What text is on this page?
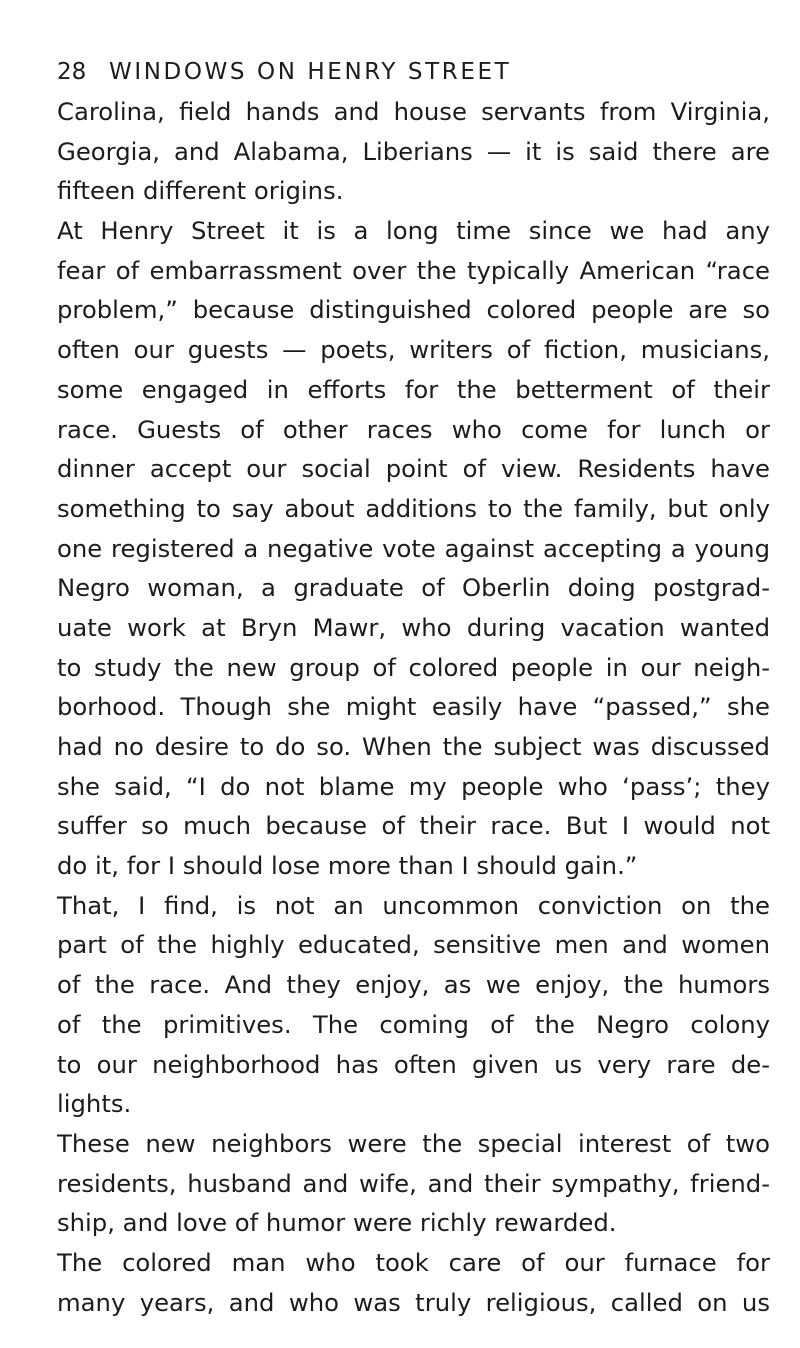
28 WINDOWS ON HENRY STREET
Carolina, field hands and house servants from Virginia,
Georgia, and Alabama, Liberians — it is said there are
fifteen different origins.
At Henry Street it is a long time since we had any
fear of embarrassment over the typically American “race
problem,” because distinguished colored people are so
often our guests — poets, writers of fiction, musicians,
some engaged in efforts for the betterment of their
race. Guests of other races who come for lunch or
dinner accept our social point of view. Residents have
something to say about additions to the family, but only
one registered a negative vote against accepting a young
Negro woman, a graduate of Oberlin doing postgrad-
uate work at Bryn Mawr, who during vacation wanted
to study the new group of colored people in our neigh-
borhood. Though she might easily have “passed,” she
had no desire to do so. When the subject was discussed
she said, “I do not blame my people who ‘pass’; they
suffer so much because of their race. But I would not
do it, for I should lose more than I should gain.”
That, I find, is not an uncommon conviction on the
part of the highly educated, sensitive men and women
of the race. And they enjoy, as we enjoy, the humors
of the primitives. The coming of the Negro colony
to our neighborhood has often given us very rare de-
lights.
These new neighbors were the special interest of two
residents, husband and wife, and their sympathy, friend-
ship, and love of humor were richly rewarded.
The colored man who took care of our furnace for
many years, and who was truly religious, called on us
